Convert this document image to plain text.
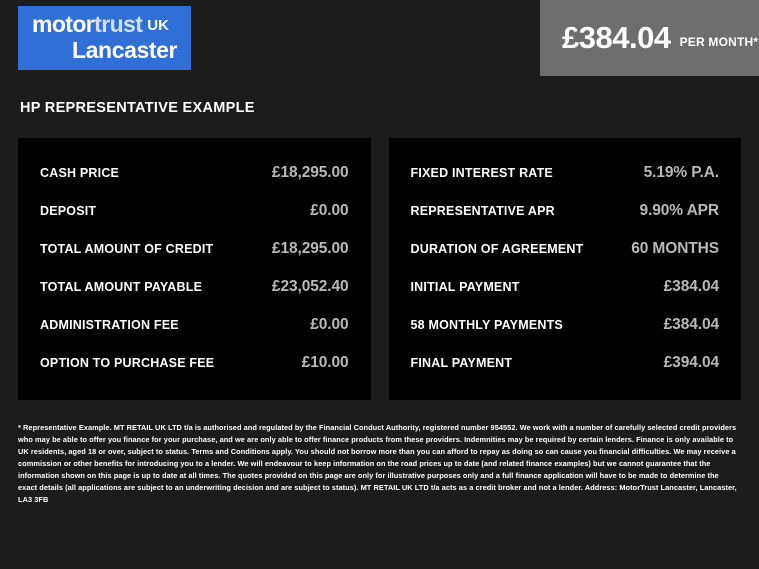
motortrust UK
Lancaster	£384.04 PER MONTH*
HP REPRESENTATIVE EXAMPLE
CASH PRICE	£18,295.00
DEPOSIT	£0.00
TOTAL AMOUNT OF CREDIT	£18,295.00
TOTAL AMOUNT PAYABLE	£23,052.40
ADMINISTRATION FEE	£0.00
OPTION TO PURCHASE FEE	£10.00
FIXED INTEREST RATE	5.19% P.A.
REPRESENTATIVE APR	9.90% APR
DURATION OF AGREEMENT	60 MONTHS
INITIAL PAYMENT	£384.04
58 MONTHLY PAYMENTS	£384.04
FINAL PAYMENT	£394.04
* Representative Example. MT RETAIL UK LTD t/a is authorised and regulated by the Financial Conduct Authority, registered number 954552. We work with a number of carefully selected credit providers who may be able to offer you finance for your purchase, and we are only able to offer finance products from these providers. Indemnities may be required by certain lenders. Finance is only available to UK residents, aged 18 or over, subject to status. Terms and Conditions apply. You should not borrow more than you can afford to repay as doing so can cause you financial difficulties. We may receive a commission or other benefits for introducing you to a lender. We will endeavour to keep information on the road prices up to date (and related finance examples) but we cannot guarantee that the information shown on this page is up to date at all times. The quotes provided on this page are only for illustrative purposes only and a full finance application will have to be made to determine the exact details (all applications are subject to an underwriting decision and are subject to status). MT RETAIL UK LTD t/a acts as a credit broker and not a lender. Address: MotorTrust Lancaster, Lancaster, LA3 3FB
